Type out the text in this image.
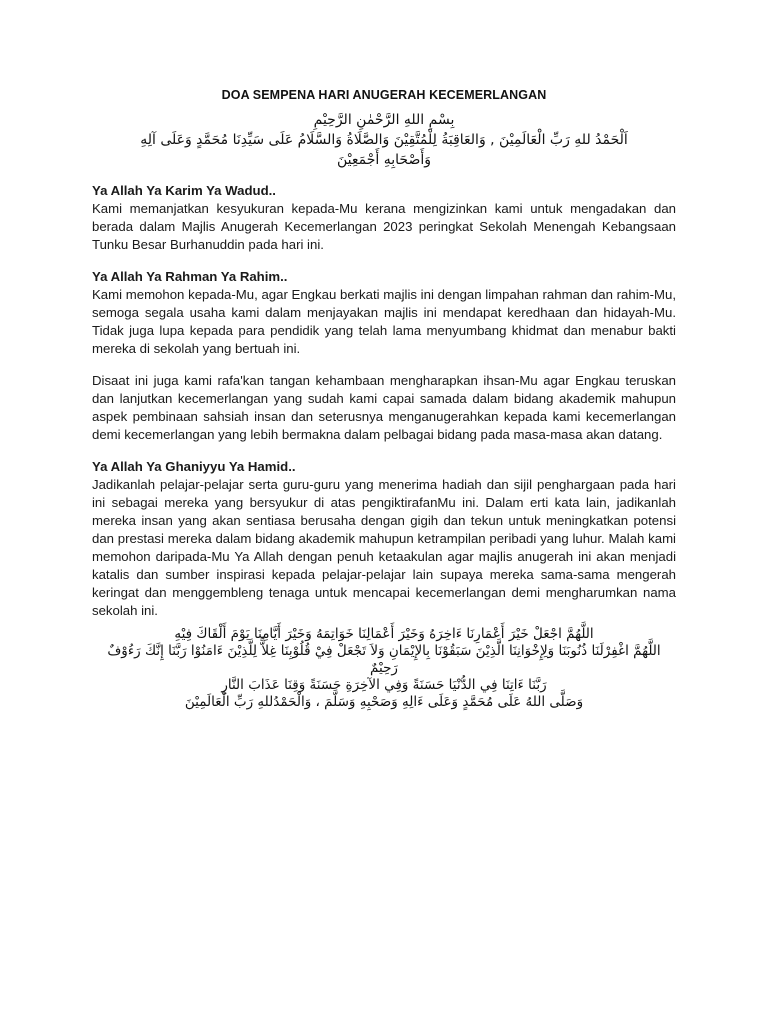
DOA SEMPENA HARI ANUGERAH KECEMERLANGAN
بِسْمِ اللهِ الرَّحْمٰنِ الرَّحِيْمِ
اَلْحَمْدُ للهِ رَبِّ الْعَالَمِيْنَ , وَالعَاقِبَةُ لِلْمُتَّقِيْنَ وَالصَّلَاةُ وَالسَّلَامُ عَلَى سَيِّدِنَا مُحَمَّدٍ وَعَلَى آلِهِ
وَأَصْحَابِهِ أَجْمَعِيْنَ

Ya Allah Ya Karim Ya Wadud..

Kami memanjatkan kesyukuran kepada-Mu kerana mengizinkan kami untuk mengadakan dan berada dalam Majlis Anugerah Kecemerlangan 2023 peringkat Sekolah Menengah Kebangsaan Tunku Besar Burhanuddin pada hari ini.

Ya Allah Ya Rahman Ya Rahim..

Kami memohon kepada-Mu, agar Engkau berkati majlis ini dengan limpahan rahman dan rahim-Mu, semoga segala usaha kami dalam menjayakan majlis ini mendapat keredhaan dan hidayah-Mu. Tidak juga lupa kepada para pendidik yang telah lama menyumbang khidmat dan menabur bakti mereka di sekolah yang bertuah ini.

Disaat ini juga kami rafa'kan tangan kehambaan mengharapkan ihsan-Mu agar Engkau teruskan dan lanjutkan kecemerlangan yang sudah kami capai samada dalam bidang akademik mahupun aspek pembinaan sahsiah insan dan seterusnya menganugerahkan kepada kami kecemerlangan demi kecemerlangan yang lebih bermakna dalam pelbagai bidang pada masa-masa akan datang.

Ya Allah Ya Ghaniyyu Ya Hamid..

Jadikanlah pelajar-pelajar serta guru-guru yang menerima hadiah dan sijil penghargaan pada hari ini sebagai mereka yang bersyukur di atas pengiktirafanMu ini. Dalam erti kata lain, jadikanlah mereka insan yang akan sentiasa berusaha dengan gigih dan tekun untuk meningkatkan potensi dan prestasi mereka dalam bidang akademik mahupun ketrampilan peribadi yang luhur. Malah kami memohon daripada-Mu Ya Allah dengan penuh ketaakulan agar majlis anugerah ini akan menjadi katalis dan sumber inspirasi kepada pelajar-pelajar lain supaya mereka sama-sama mengerah keringat dan menggembleng tenaga untuk mencapai kecemerlangan demi mengharumkan nama sekolah ini.

اللَّهُمَّ اجْعَلْ خَيْرَ أَعْمَارِنَا ءَاخِرَهُ وَخَيْرَ أَعْمَالِنَا خَوَاتِمَهُ وَخَيْرَ أَيَّامِنَا يَوْمَ أَلْقَاكَ فِيْهِ
اللَّهُمَّ اغْفِرْلَنَا ذُنُوبَنَا وَلِإِخْوَانِنَا الَّذِيْنَ سَبَقُوْنَا بِالإِيْمَانِ وَلاَ تَجْعَلْ فِيْ قُلُوْبِنَا غِلاًّ لِلَّذِيْنَ ءَامَنُوْا رَبَّنَا إِنَّكَ رَءُوْفٌ
رَحِيْمٌ
رَبَّنَا ءَاتِنَا فِي الدُّنْيَا حَسَنَةً وَفِي الآخِرَةِ حَسَنَةً وَقِنَا عَذَابَ النَّارِ
وَصَلَّى اللهُ عَلَى مُحَمَّدٍ وَعَلَى ءَالِهِ وَصَحْبِهِ وَسَلَّمَ ، وَالْحَمْدُللهِ رَبِّ الْعَالَمِيْنَ
